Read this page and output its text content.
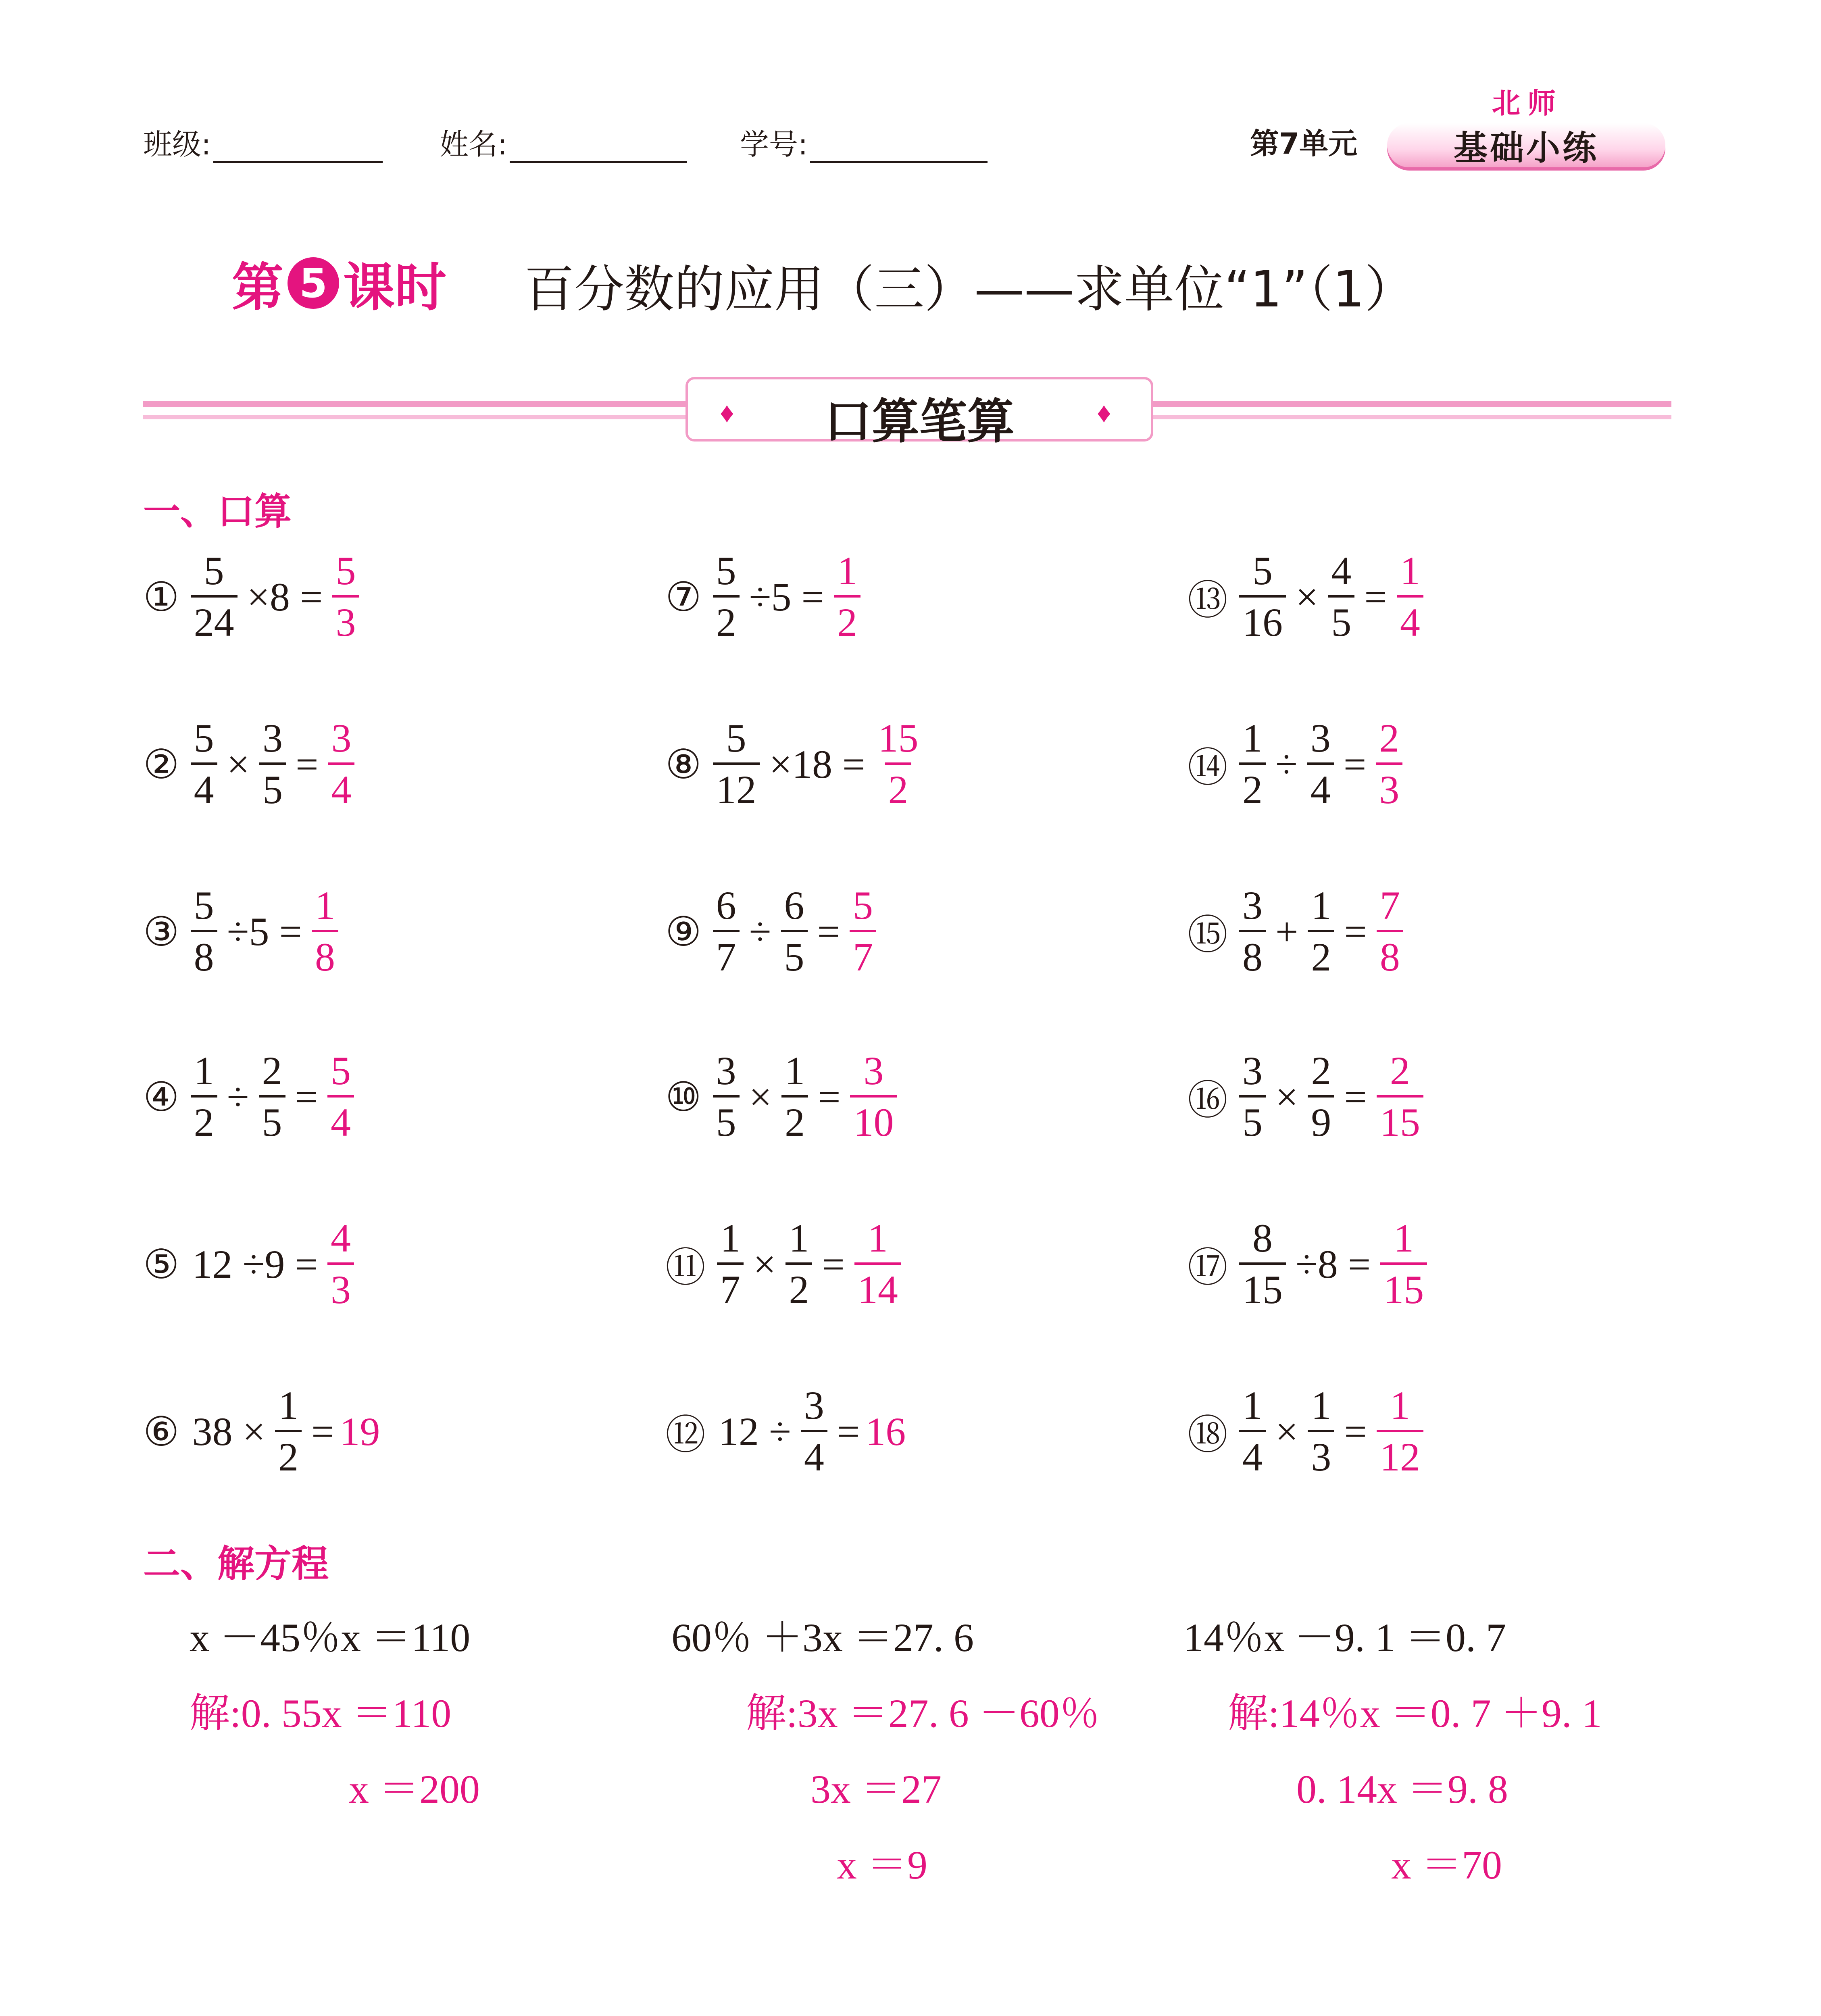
班级:	姓名:	学号:	第7单元
北师
基础小练
第 5 课时 百分数的应用（三）——求单位“1”（1）
♦	♦
口算笔算
一、口算
① $\frac{5}{24} \times 8 = \frac{5}{3}$
② $\frac{5}{4} \times \frac{3}{5} = \frac{3}{4}$
③ $\frac{5}{8} \div 5 = \frac{1}{8}$
④ $\frac{1}{2} \div \frac{2}{5} = \frac{5}{4}$
⑤ $12 \div 9 = \frac{4}{3}$
⑥ $38 \times \frac{1}{2} = 19$
⑦ $\frac{5}{2} \div 5 = \frac{1}{2}$
⑧ $\frac{5}{12} \times 18 = \frac{15}{2}$
⑨ $\frac{6}{7} \div \frac{6}{5} = \frac{5}{7}$
⑩ $\frac{3}{5} \times \frac{1}{2} = \frac{3}{10}$
⑪ $\frac{1}{7} \times \frac{1}{2} = \frac{1}{14}$
⑫ $12 \div \frac{3}{4} = 16$
⑬ $\frac{5}{16} \times \frac{4}{5} = \frac{1}{4}$
⑭ $\frac{1}{2} \div \frac{3}{4} = \frac{2}{3}$
⑮ $\frac{3}{8} + \frac{1}{2} = \frac{7}{8}$
⑯ $\frac{3}{5} \times \frac{2}{9} = \frac{2}{15}$
⑰ $\frac{8}{15} \div 8 = \frac{1}{15}$
⑱ $\frac{1}{4} \times \frac{1}{3} = \frac{1}{12}$
二、解方程
x －45％x ＝110
解:0. 55x ＝110
x ＝200
60％ ＋3x ＝27. 6
解:3x ＝27. 6 －60％
3x ＝27
x ＝9
14％x －9. 1 ＝0. 7
解:14％x ＝0. 7 ＋9. 1
0. 14x ＝9. 8
x ＝70
